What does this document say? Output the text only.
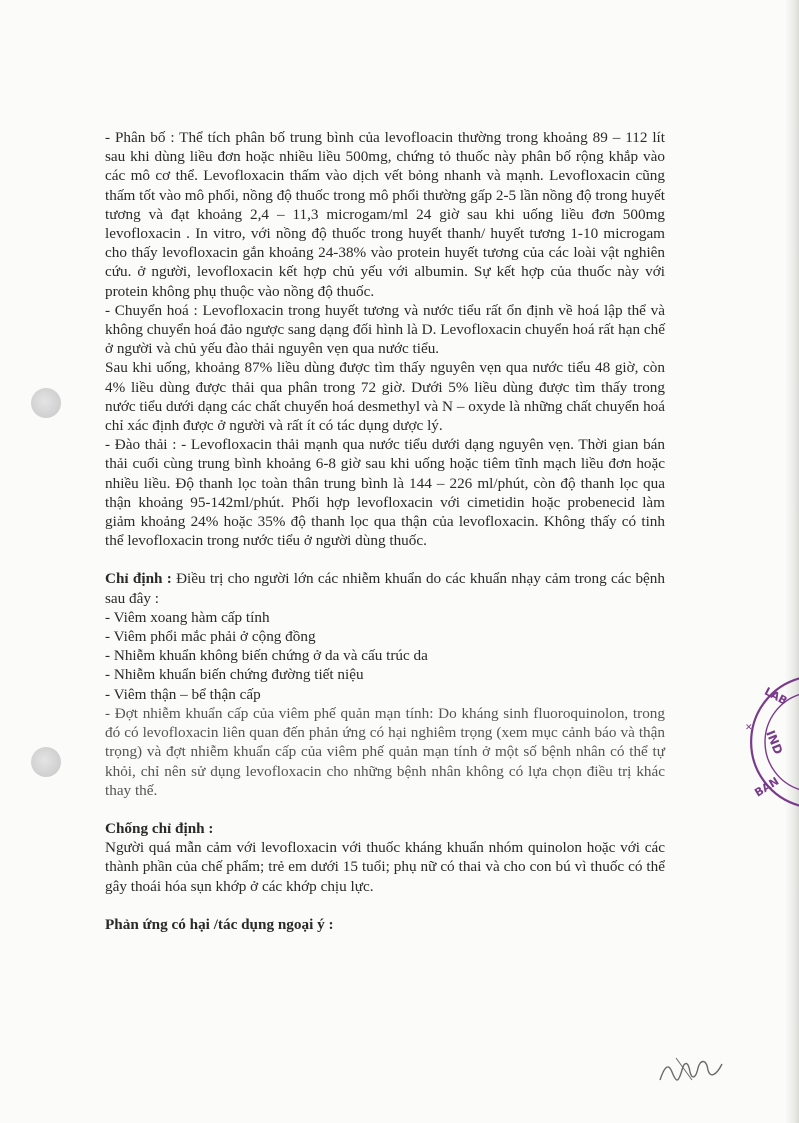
- Phân bố : Thể tích phân bố trung bình của levofloacin thường trong khoảng 89 – 112 lít sau khi dùng liều đơn hoặc nhiều liều 500mg, chứng tỏ thuốc này phân bố rộng khắp vào các mô cơ thể. Levofloxacin thấm vào dịch vết bỏng nhanh và mạnh. Levofloxacin cũng thấm tốt vào mô phổi, nồng độ thuốc trong mô phổi thường gấp 2-5 lần nồng độ trong huyết tương và đạt khoảng 2,4 – 11,3 microgam/ml 24 giờ sau khi uống liều đơn 500mg levofloxacin . In vitro, với nồng độ thuốc trong huyết thanh/ huyết tương 1-10 microgam cho thấy levofloxacin gắn khoảng 24-38% vào protein huyết tương của các loài vật nghiên cứu. ở người, levofloxacin kết hợp chủ yếu với albumin. Sự kết hợp của thuốc này với protein không phụ thuộc vào nồng độ thuốc.

- Chuyển hoá : Levofloxacin trong huyết tương và nước tiểu rất ổn định về hoá lập thể và không chuyển hoá đảo ngược sang dạng đối hình là D. Levofloxacin chuyển hoá rất hạn chế ở người và chủ yếu đào thải nguyên vẹn qua nước tiểu.

Sau khi uống, khoảng 87% liều dùng được tìm thấy nguyên vẹn qua nước tiểu 48 giờ, còn 4% liều dùng được thải qua phân trong 72 giờ. Dưới 5% liều dùng được tìm thấy trong nước tiểu dưới dạng các chất chuyển hoá desmethyl và N – oxyde là những chất chuyển hoá chỉ xác định được ở người và rất ít có tác dụng dược lý.

- Đào thải : - Levofloxacin thải mạnh qua nước tiểu dưới dạng nguyên vẹn. Thời gian bán thải cuối cùng trung bình khoảng 6-8 giờ sau khi uống hoặc tiêm tĩnh mạch liều đơn hoặc nhiều liều. Độ thanh lọc toàn thân trung bình là 144 – 226 ml/phút, còn độ thanh lọc qua thận khoảng 95-142ml/phút. Phối hợp levofloxacin với cimetidin hoặc probenecid làm giảm khoảng 24% hoặc 35% độ thanh lọc qua thận của levofloxacin. Không thấy có tinh thể levofloxacin trong nước tiểu ở người dùng thuốc.

Chỉ định : Điều trị cho người lớn các nhiễm khuẩn do các khuẩn nhạy cảm trong các bệnh sau đây :

- Viêm xoang hàm cấp tính

- Viêm phổi mắc phải ở cộng đồng

- Nhiễm khuẩn không biến chứng ở da và cấu trúc da

- Nhiễm khuẩn biến chứng đường tiết niệu

- Viêm thận – bể thận cấp

- Đợt nhiễm khuẩn cấp của viêm phế quản mạn tính: Do kháng sinh fluoroquinolon, trong đó có levofloxacin liên quan đến phản ứng có hại nghiêm trọng (xem mục cảnh báo và thận trọng) và đợt nhiễm khuẩn cấp của viêm phế quản mạn tính ở một số bệnh nhân có thể tự khỏi, chỉ nên sử dụng levofloxacin cho những bệnh nhân không có lựa chọn điều trị khác thay thế.

Chống chỉ định :

Người quá mẫn cảm với levofloxacin với thuốc kháng khuẩn nhóm quinolon hoặc với các thành phần của chế phẩm; trẻ em dưới 15 tuổi; phụ nữ có thai và cho con bú vì thuốc có thể gây thoái hóa sụn khớp ở các khớp chịu lực.

Phản ứng có hại /tác dụng ngoại ý :

LAB
IND
BAN
✕
